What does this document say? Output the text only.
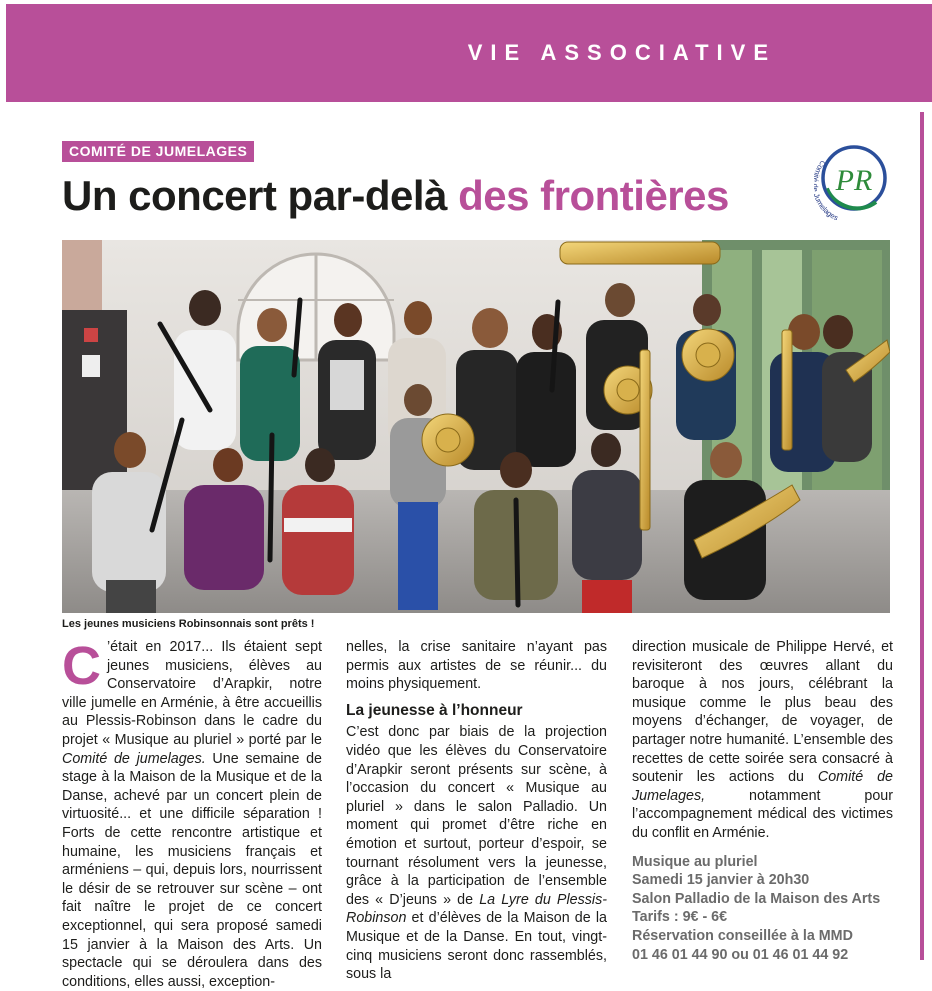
VIE ASSOCIATIVE
COMITÉ DE JUMELAGES
Un concert par-delà des frontières	PR
Co melages
Les jeunes musiciens Robinsonnais sont prêts !

C ’était en 2017... Ils étaient sept jeunes musiciens, élèves au Conservatoire d’Arapkir, notre ville jumelle en Arménie, à être accueillis au Plessis-Robinson dans le cadre du projet « Musique au pluriel » porté par le Comité de jumelages. Une semaine de stage à la Maison de la Musique et de la Danse, achevé par un concert plein de virtuosité... et une difficile séparation ! Forts de cette rencontre artistique et humaine, les musiciens français et arméniens – qui, depuis lors, nourrissent le désir de se retrouver sur scène – ont fait naître le projet de ce concert exceptionnel, qui sera proposé samedi 15 janvier à la Maison des Arts. Un spectacle qui se déroulera dans des conditions, elles aussi, exception-

nelles, la crise sanitaire n’ayant pas permis aux artistes de se réunir... du moins physiquement.

La jeunesse à l’honneur

C’est donc par biais de la projection vidéo que les élèves du Conservatoire d’Arapkir seront présents sur scène, à l’occasion du concert « Musique au pluriel » dans le salon Palladio. Un moment qui promet d’être riche en émotion et surtout, porteur d’espoir, se tournant résolument vers la jeunesse, grâce à la participation de l’ensemble des « D’jeuns » de La Lyre du Plessis-Robinson et d’élèves de la Maison de la Musique et de la Danse. En tout, vingt-cinq musiciens seront donc rassemblés, sous la

direction musicale de Philippe Hervé, et revisiteront des œuvres allant du baroque à nos jours, célébrant la musique comme le plus beau des moyens d’échanger, de voyager, de partager notre humanité. L’ensemble des recettes de cette soirée sera consacré à soutenir les actions du Comité de Jumelages, notamment pour l’accompagnement médical des victimes du conflit en Arménie.

Musique au pluriel
Samedi 15 janvier à 20h30
Salon Palladio de la Maison des Arts
Tarifs : 9€ - 6€
Réservation conseillée à la MMD
01 46 01 44 90 ou 01 46 01 44 92
